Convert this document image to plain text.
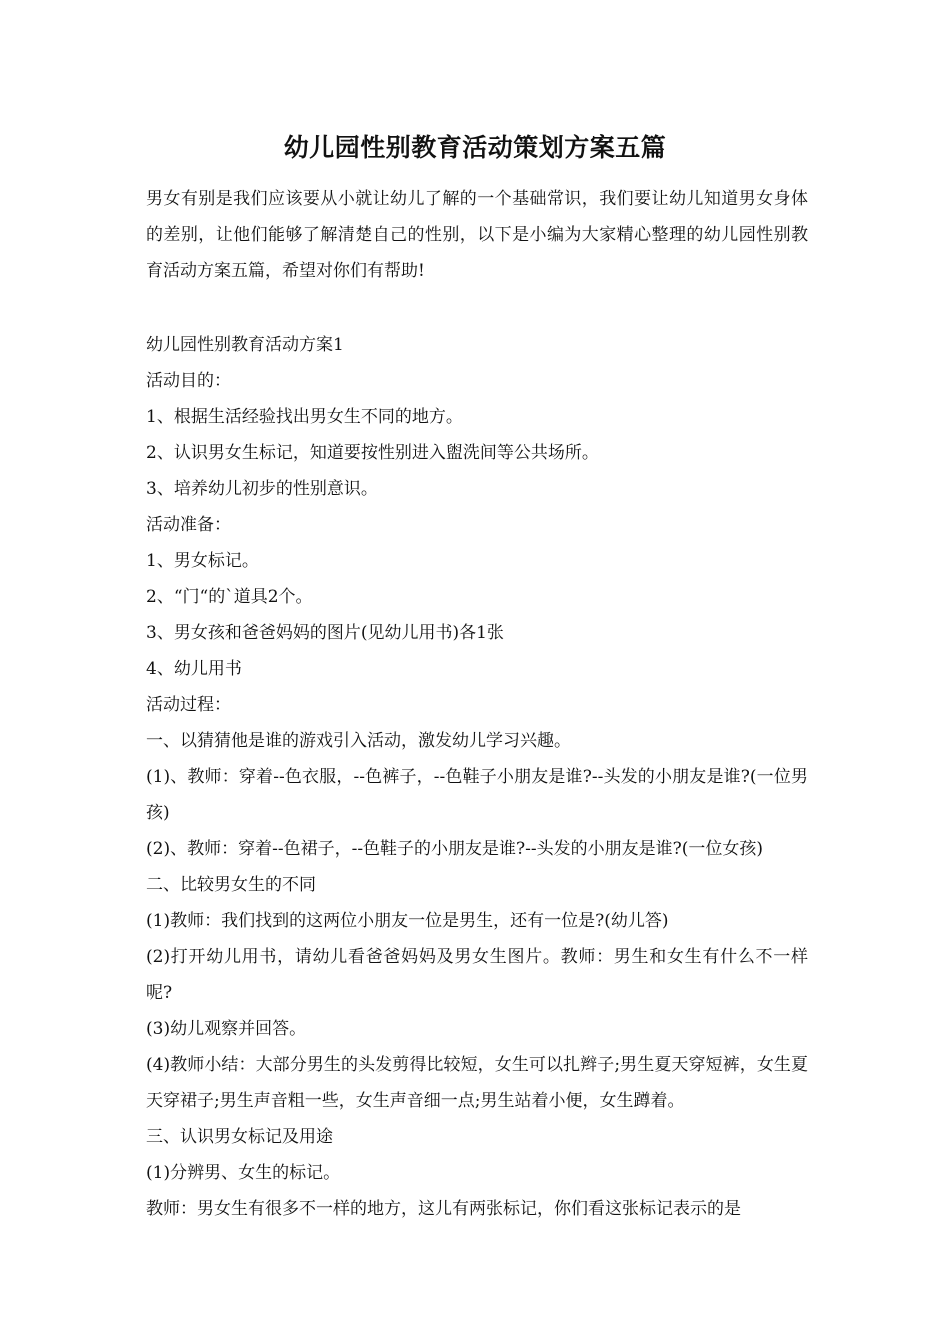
幼儿园性别教育活动策划方案五篇
男女有别是我们应该要从小就让幼儿了解的一个基础常识，我们要让幼儿知道男女身体的差别，让他们能够了解清楚自己的性别，以下是小编为大家精心整理的幼儿园性别教育活动方案五篇，希望对你们有帮助!
幼儿园性别教育活动方案1
活动目的：
1、根据生活经验找出男女生不同的地方。
2、认识男女生标记，知道要按性别进入盥洗间等公共场所。
3、培养幼儿初步的性别意识。
活动准备：
1、男女标记。
2、“门“的`道具2个。
3、男女孩和爸爸妈妈的图片(见幼儿用书)各1张
4、幼儿用书
活动过程：
一、以猜猜他是谁的游戏引入活动，激发幼儿学习兴趣。
(1)、教师：穿着--色衣服，--色裤子，--色鞋子小朋友是谁?--头发的小朋友是谁?(一位男孩)
(2)、教师：穿着--色裙子，--色鞋子的小朋友是谁?--头发的小朋友是谁?(一位女孩)
二、比较男女生的不同
(1)教师：我们找到的这两位小朋友一位是男生，还有一位是?(幼儿答)
(2)打开幼儿用书，请幼儿看爸爸妈妈及男女生图片。教师：男生和女生有什么不一样呢?
(3)幼儿观察并回答。
(4)教师小结：大部分男生的头发剪得比较短，女生可以扎辫子;男生夏天穿短裤，女生夏天穿裙子;男生声音粗一些，女生声音细一点;男生站着小便，女生蹲着。
三、认识男女标记及用途
(1)分辨男、女生的标记。
教师：男女生有很多不一样的地方，这儿有两张标记，你们看这张标记表示的是
